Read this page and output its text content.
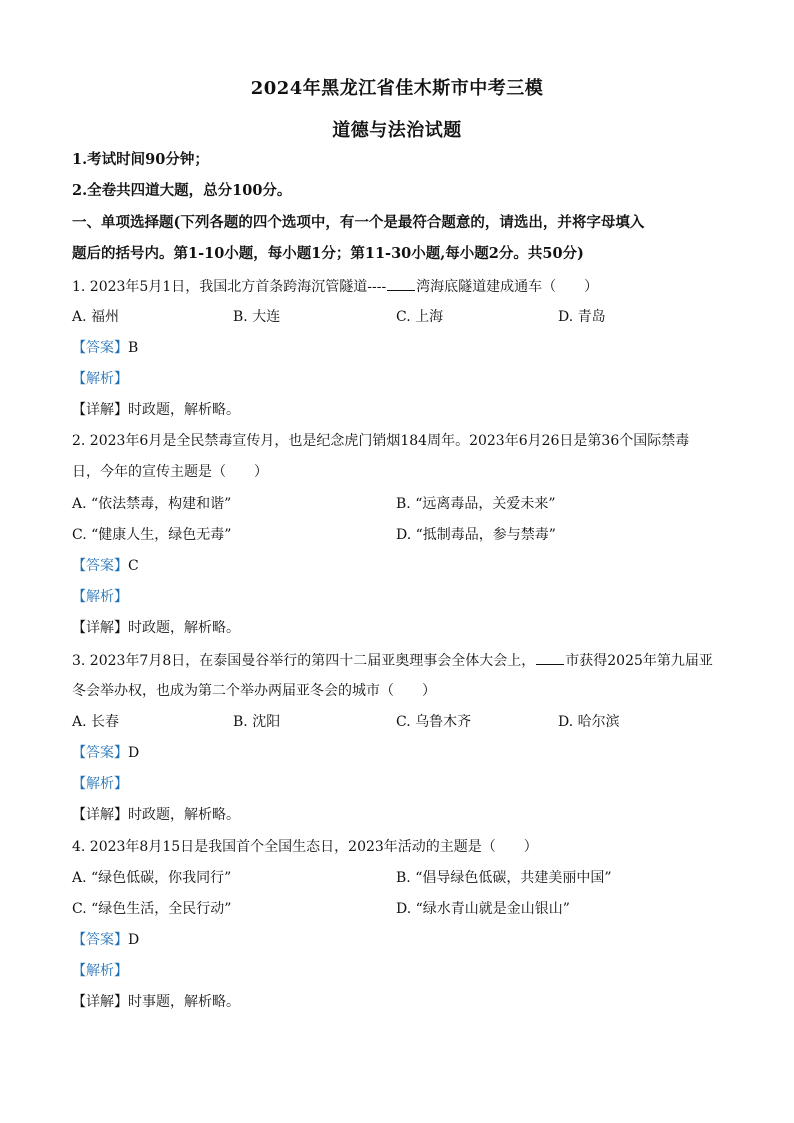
2024年黑龙江省佳木斯市中考三模
道德与法治试题
1.考试时间90分钟；
2.全卷共四道大题，总分100分。
一、单项选择题(下列各题的四个选项中，有一个是最符合题意的，请选出，并将字母填入
题后的括号内。第1-10小题，每小题1分；第11-30小题,每小题2分。共50分)
1. 2023年5月1日，我国北方首条跨海沉管隧道---- 湾海底隧道建成通车（　　）
A. 福州	B. 大连	C. 上海	D. 青岛
【答案】B
【解析】
【详解】时政题，解析略。
2. 2023年6月是全民禁毒宣传月，也是纪念虎门销烟184周年。2023年6月26日是第36个国际禁毒
日，今年的宣传主题是（　　）
A. “依法禁毒，构建和谐”	B. “远离毒品，关爱未来”
C. “健康人生，绿色无毒”	D. “抵制毒品，参与禁毒”
【答案】C
【解析】
【详解】时政题，解析略。
3. 2023年7月8日，在泰国曼谷举行的第四十二届亚奥理事会全体大会上， 市获得2025年第九届亚
冬会举办权，也成为第二个举办两届亚冬会的城市（　　）
A. 长春	B. 沈阳	C. 乌鲁木齐	D. 哈尔滨
【答案】D
【解析】
【详解】时政题，解析略。
4. 2023年8月15日是我国首个全国生态日，2023年活动的主题是（　　）
A. “绿色低碳，你我同行”	B. “倡导绿色低碳，共建美丽中国”
C. “绿色生活，全民行动”	D. “绿水青山就是金山银山”
【答案】D
【解析】
【详解】时事题，解析略。
